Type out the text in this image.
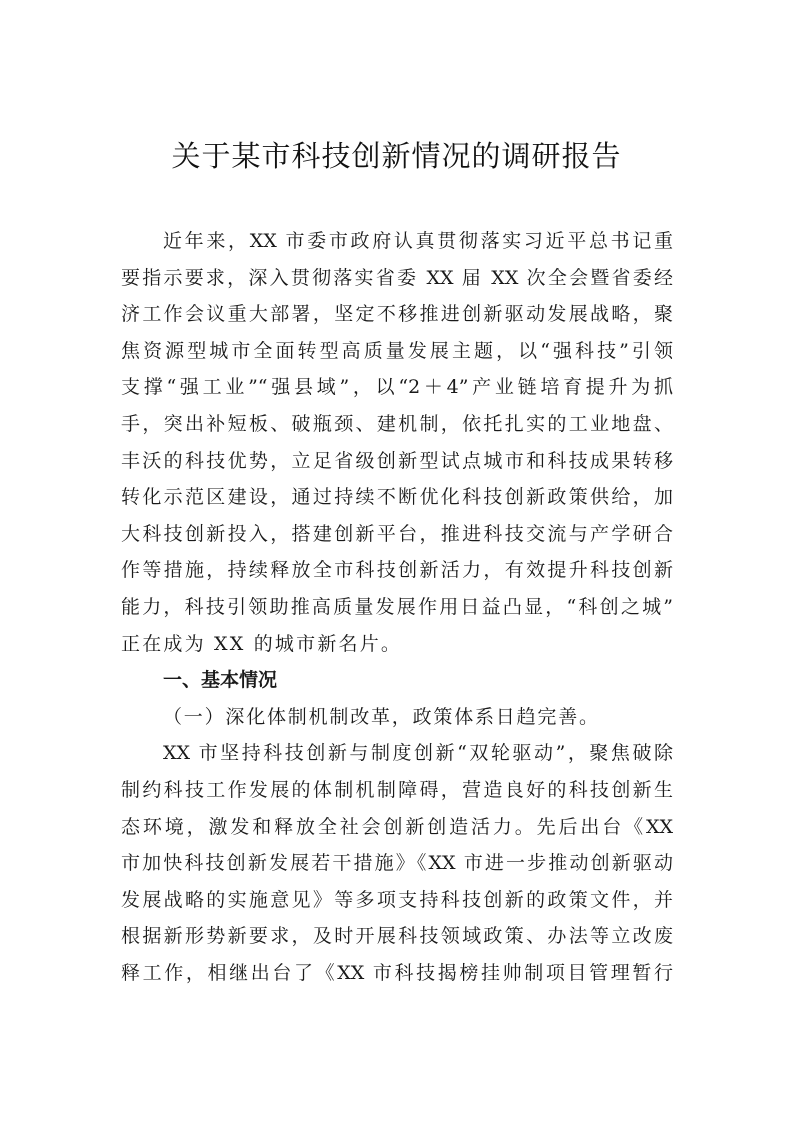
关于某市科技创新情况的调研报告
近年来，XX 市委市政府认真贯彻落实习近平总书记重
要指示要求，深入贯彻落实省委 XX 届 XX 次全会暨省委经
济工作会议重大部署，坚定不移推进创新驱动发展战略，聚
焦资源型城市全面转型高质量发展主题，以“强科技”引领
支撑“强工业”“强县域”，以“2＋4”产业链培育提升为抓
手，突出补短板、破瓶颈、建机制，依托扎实的工业地盘、
丰沃的科技优势，立足省级创新型试点城市和科技成果转移
转化示范区建设，通过持续不断优化科技创新政策供给，加
大科技创新投入，搭建创新平台，推进科技交流与产学研合
作等措施，持续释放全市科技创新活力，有效提升科技创新
能力，科技引领助推高质量发展作用日益凸显，“科创之城”
正在成为 XX 的城市新名片。
一、基本情况
（一）深化体制机制改革，政策体系日趋完善。
XX 市坚持科技创新与制度创新“双轮驱动”，聚焦破除
制约科技工作发展的体制机制障碍，营造良好的科技创新生
态环境，激发和释放全社会创新创造活力。先后出台《XX
市加快科技创新发展若干措施》《XX 市进一步推动创新驱动
发展战略的实施意见》等多项支持科技创新的政策文件，并
根据新形势新要求，及时开展科技领域政策、办法等立改废
释工作，相继出台了《XX 市科技揭榜挂帅制项目管理暂行
